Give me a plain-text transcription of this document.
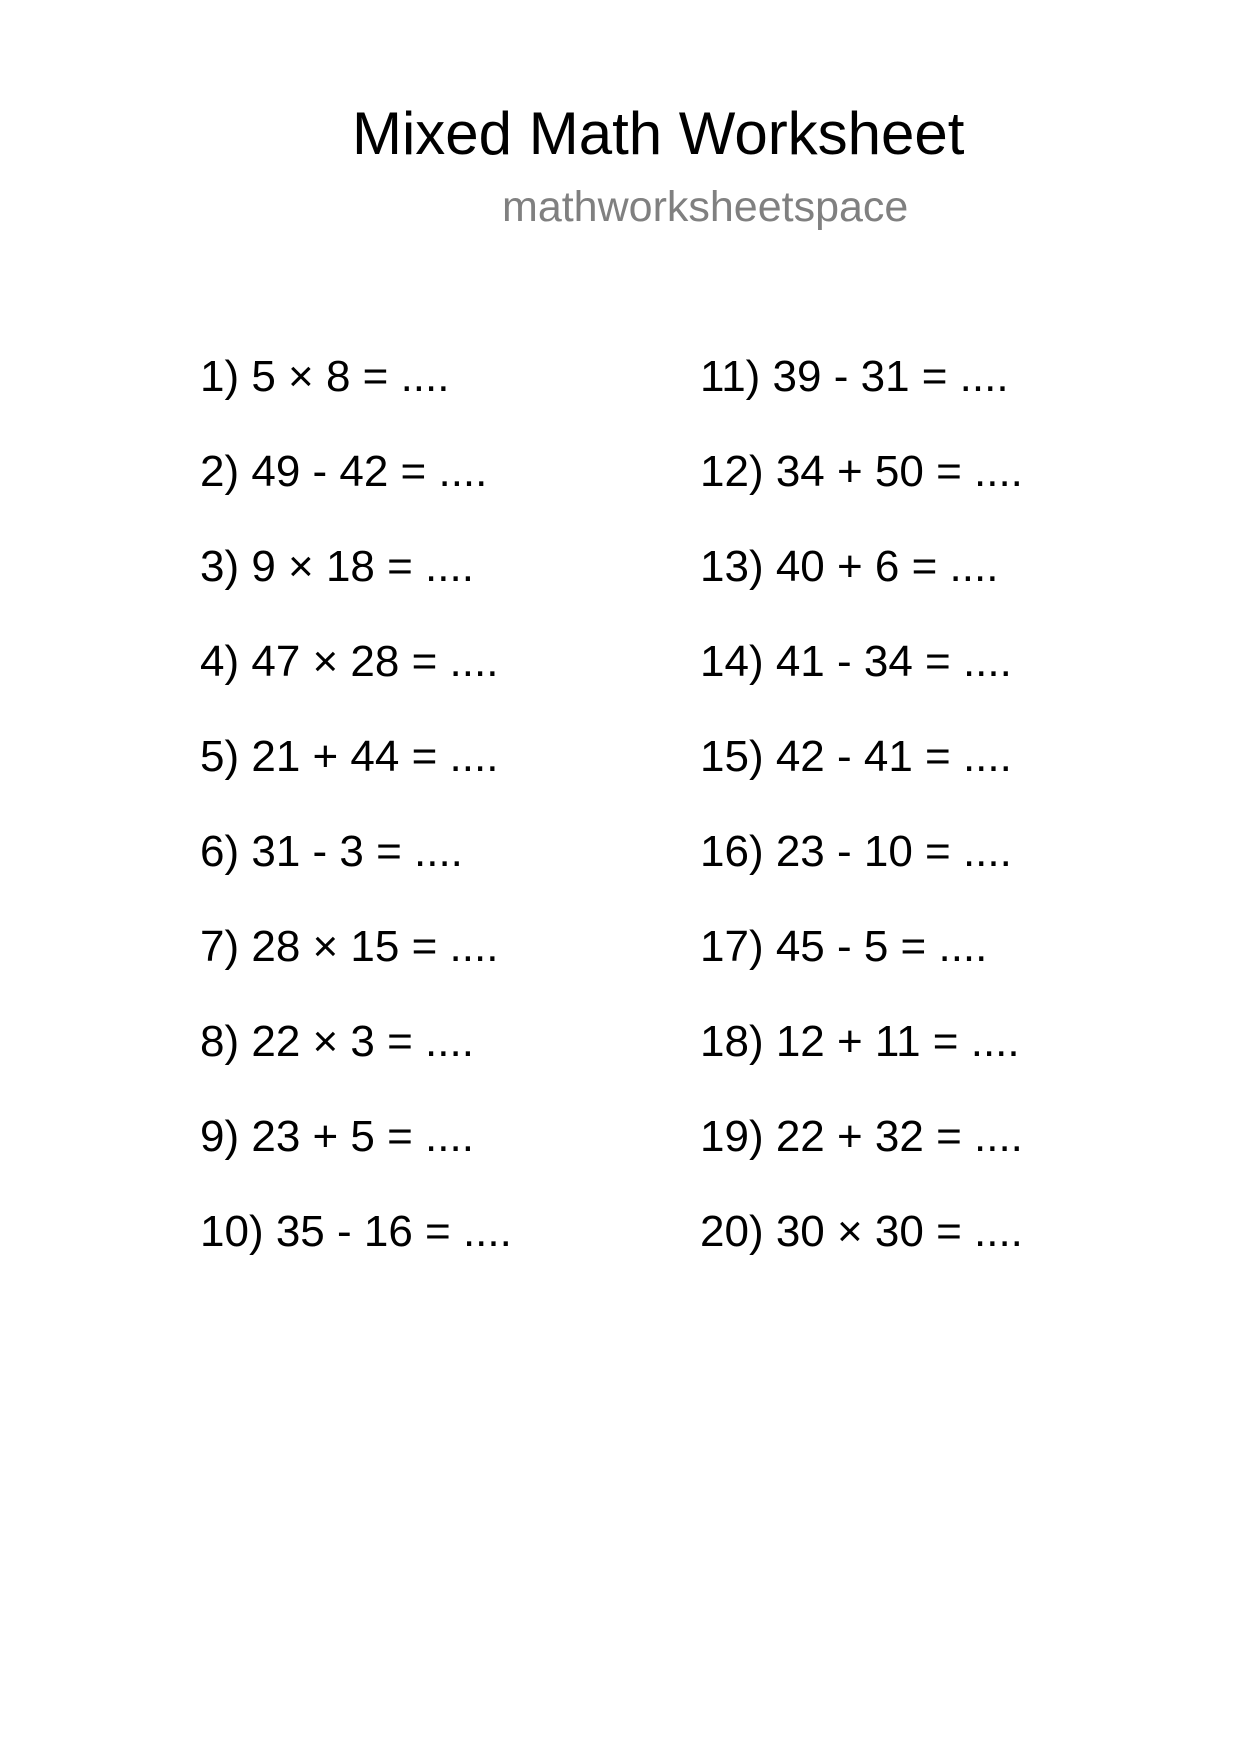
Mixed Math Worksheet
mathworksheetspace
1) 5 × 8 = ....
2) 49 - 42 = ....
3) 9 × 18 = ....
4) 47 × 28 = ....
5) 21 + 44 = ....
6) 31 - 3 = ....
7) 28 × 15 = ....
8) 22 × 3 = ....
9) 23 + 5 = ....
10) 35 - 16 = ....
11) 39 - 31 = ....
12) 34 + 50 = ....
13) 40 + 6 = ....
14) 41 - 34 = ....
15) 42 - 41 = ....
16) 23 - 10 = ....
17) 45 - 5 = ....
18) 12 + 11 = ....
19) 22 + 32 = ....
20) 30 × 30 = ....
